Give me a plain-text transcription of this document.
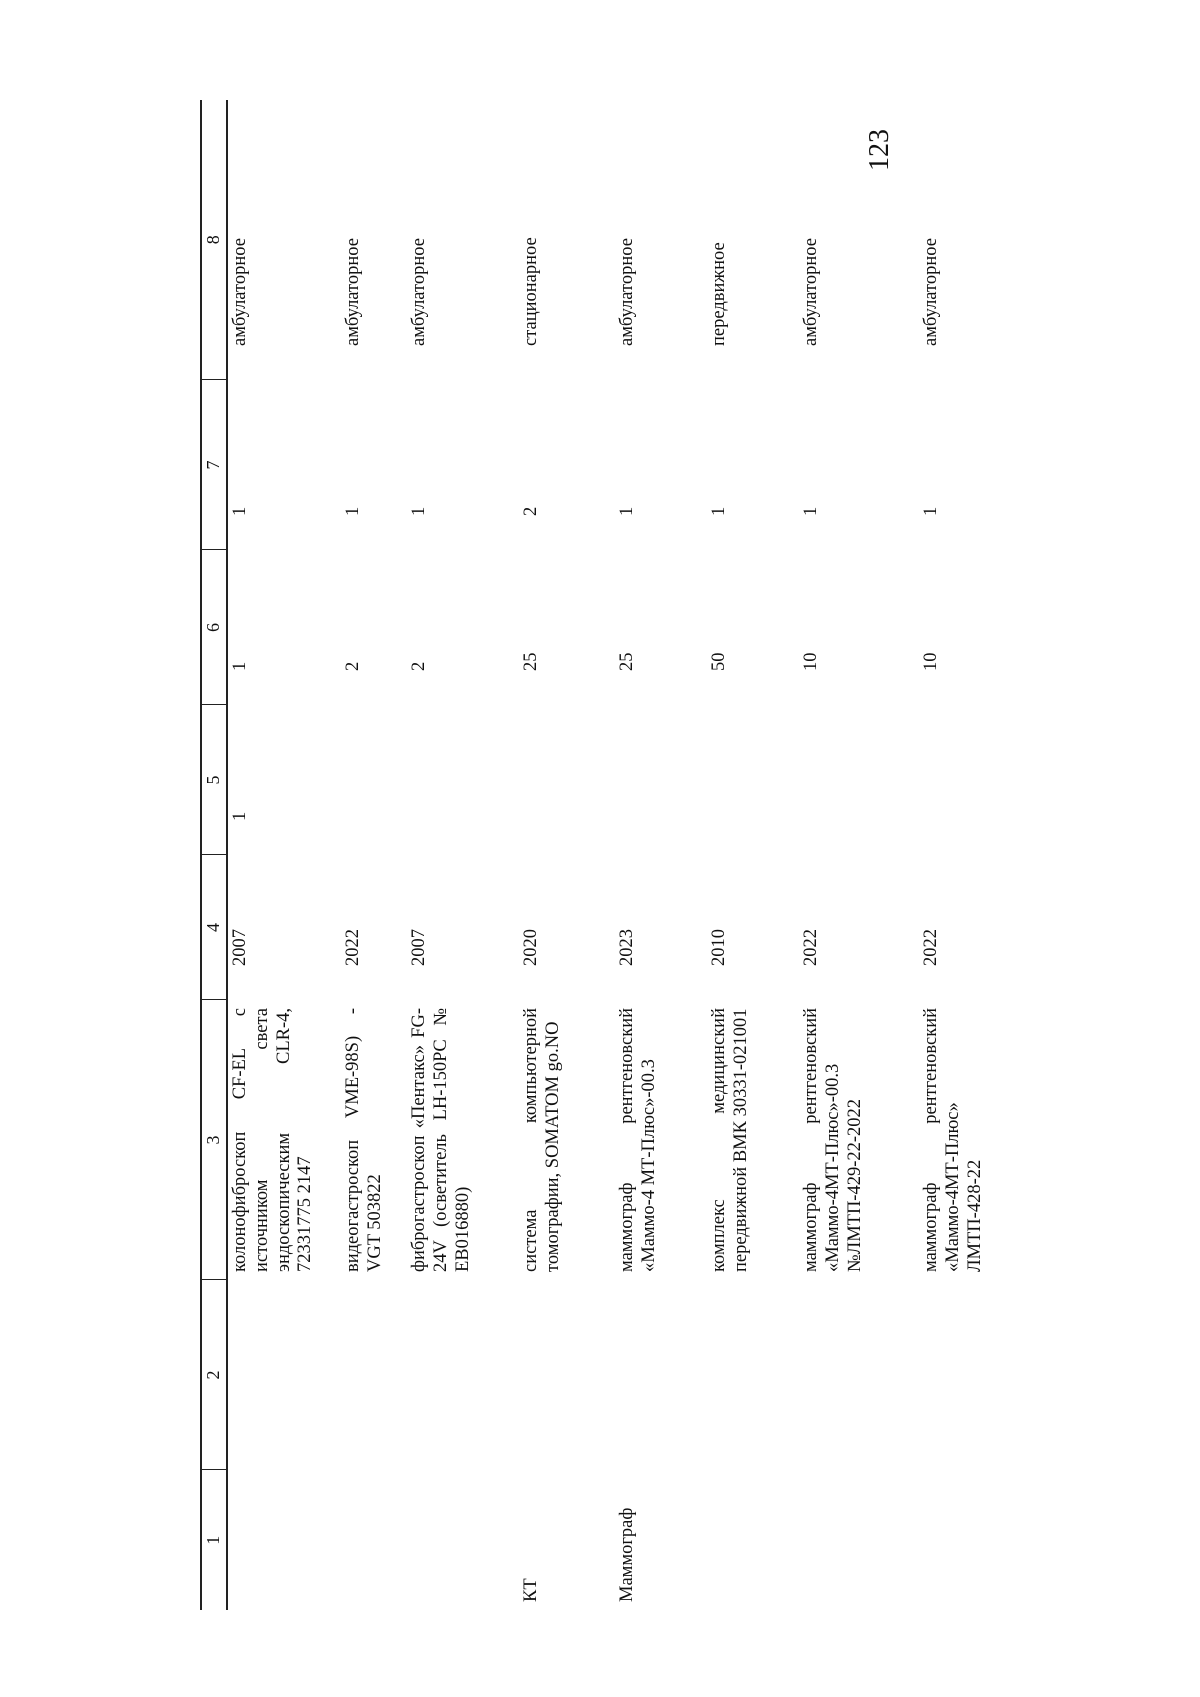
123
1	2	3	4	5	6	7	8
		колонофиброскоп CF-EL с источником света эндоскопическим CLR-4, 72331775 2147	2007	1	1	1	амбулаторное
		видеогастроскоп VME-98S) -VGT 503822	2022		2	1	амбулаторное
		фиброгастроскоп «Пентакс» FG-24V (осветитель LH-150PC № EB016880)	2007		2	1	амбулаторное
КТ		система компьютерной томографии, SOMATOM go.NO	2020		25	2	стационарное
Маммограф		маммограф рентгеновский «Маммо-4 МТ-Плюс»-00.3	2023		25	1	амбулаторное
		комплекс медицинский передвижной ВМК 30331-021001	2010		50	1	передвижное
		маммограф рентгеновский «Маммо-4МТ-Плюс»-00.3 №ЛМТП-429-22-2022	2022		10	1	амбулаторное
		маммограф рентгеновский «Маммо-4МТ-Плюс» ЛМТП-428-22	2022		10	1	амбулаторное
